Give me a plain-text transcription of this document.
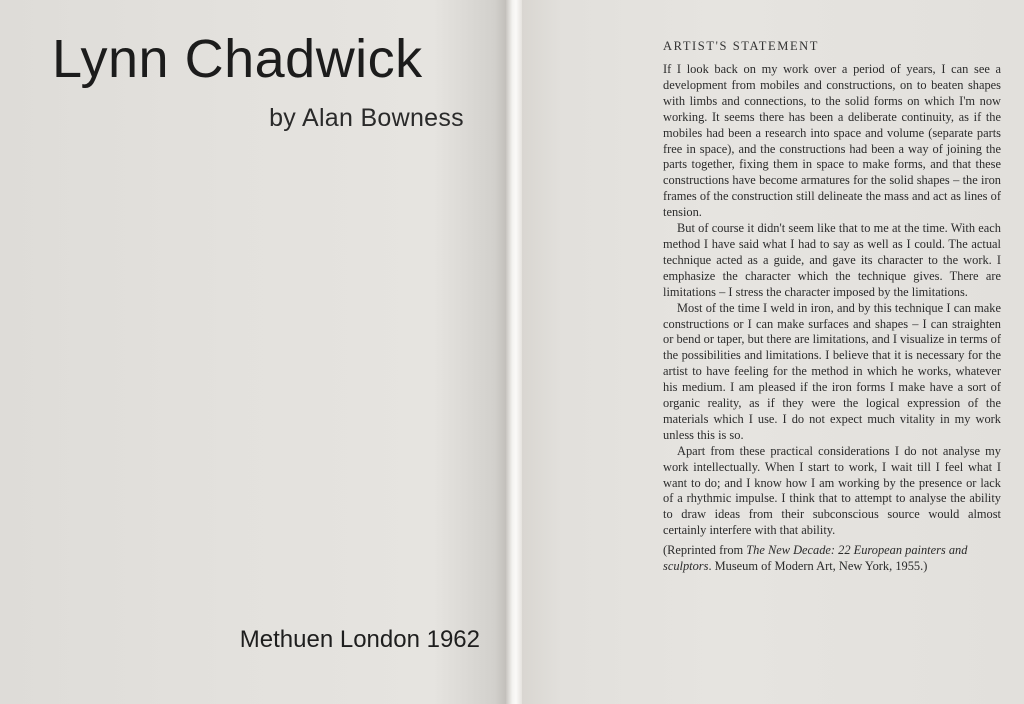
Lynn Chadwick

by Alan Bowness

Methuen London 1962

ARTIST'S STATEMENT

If I look back on my work over a period of years, I can see a development from mobiles and constructions, on to beaten shapes with limbs and connections, to the solid forms on which I'm now working. It seems there has been a deliberate continuity, as if the mobiles had been a research into space and volume (separate parts free in space), and the constructions had been a way of joining the parts together, fixing them in space to make forms, and that these constructions have become armatures for the solid shapes – the iron frames of the construction still delineate the mass and act as lines of tension.

But of course it didn't seem like that to me at the time. With each method I have said what I had to say as well as I could. The actual technique acted as a guide, and gave its character to the work. I emphasize the character which the technique gives. There are limitations – I stress the character imposed by the limitations.

Most of the time I weld in iron, and by this technique I can make constructions or I can make surfaces and shapes – I can straighten or bend or taper, but there are limitations, and I visualize in terms of the possibilities and limitations. I believe that it is necessary for the artist to have feeling for the method in which he works, whatever his medium. I am pleased if the iron forms I make have a sort of organic reality, as if they were the logical expression of the materials which I use. I do not expect much vitality in my work unless this is so.

Apart from these practical considerations I do not analyse my work intellectually. When I start to work, I wait till I feel what I want to do; and I know how I am working by the presence or lack of a rhythmic impulse. I think that to attempt to analyse the ability to draw ideas from their subconscious source would almost certainly interfere with that ability.

(Reprinted from The New Decade: 22 European painters and sculptors. Museum of Modern Art, New York, 1955.)
